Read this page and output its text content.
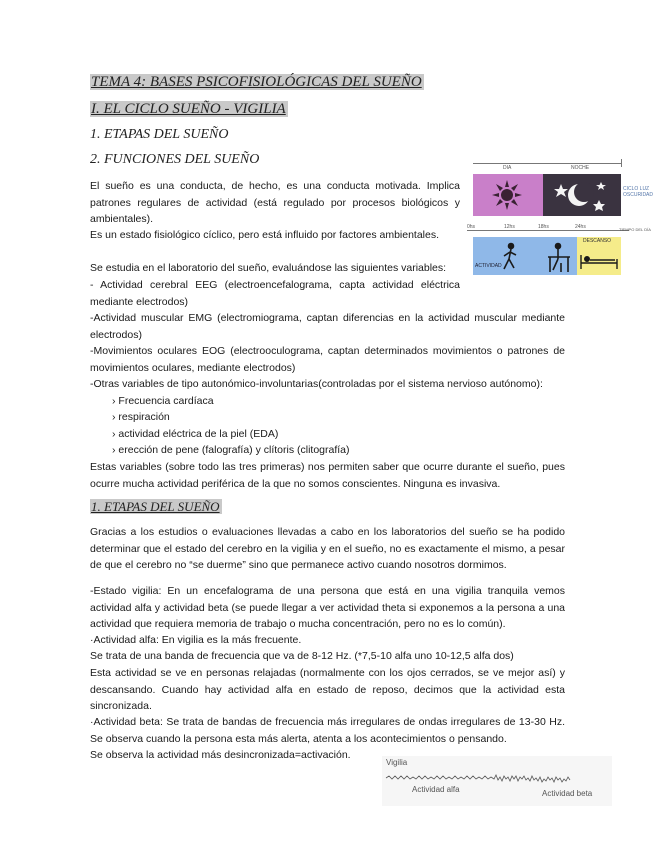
TEMA 4: BASES PSICOFISIOLÓGICAS DEL SUEÑO
I. EL CICLO SUEÑO - VIGILIA
1. ETAPAS DEL SUEÑO
2. FUNCIONES DEL SUEÑO
El sueño es una conducta, de hecho, es una conducta motivada. Implica patrones regulares de actividad (está regulado por procesos biológicos y ambientales).
Es un estado fisiológico cíclico, pero está influido por factores ambientales.
Se estudia en el laboratorio del sueño, evaluándose las siguientes variables:
- Actividad cerebral EEG (electroencefalograma, capta actividad eléctrica mediante electrodos)
-Actividad muscular EMG (electromiograma, captan diferencias en la actividad muscular mediante electrodos)
-Movimientos oculares EOG (electrooculograma, captan determinados movimientos o patrones de movimientos oculares, mediante electrodos)
-Otras variables de tipo autonómico-involuntarias(controladas por el sistema nervioso autónomo):
› Frecuencia cardíaca
› respiración
› actividad eléctrica de la piel (EDA)
› erección de pene (falografía) y clítoris (clitografía)
Estas variables (sobre todo las tres primeras) nos permiten saber que ocurre durante el sueño, pues ocurre mucha actividad periférica de la que no somos conscientes. Ninguna es invasiva.
1. ETAPAS DEL SUEÑO
Gracias a los estudios o evaluaciones llevadas a cabo en los laboratorios del sueño se ha podido determinar que el estado del cerebro en la vigilia y en el sueño, no es exactamente el mismo, a pesar de que el cerebro no “se duerme” sino que permanece activo cuando nosotros dormimos.
-Estado vigilia: En un encefalograma de una persona que está en una vigilia tranquila vemos actividad alfa y actividad beta (se puede llegar a ver actividad theta si exponemos a la persona a una actividad que requiera memoria de trabajo o mucha concentración, pero no es lo común).
·Actividad alfa: En vigilia es la más frecuente.
Se trata de una banda de frecuencia que va de 8-12 Hz. (*7,5-10 alfa uno 10-12,5 alfa dos)
Esta actividad se ve en personas relajadas (normalmente con los ojos cerrados, se ve mejor así) y descansando. Cuando hay actividad alfa en estado de reposo, decimos que la actividad esta sincronizada.
·Actividad beta: Se trata de bandas de frecuencia más irregulares de ondas irregulares de 13-30 Hz. Se observa cuando la persona esta más alerta, atenta a los acontecimientos o pensando.
Se observa la actividad más desincronizada=activación.
DIA	NOCHE
CICLO LUZ OSCURIDAD
0hs	12hs	18hs	24hs	TIEMPO DEL DÍA
ACTIVIDAD
DESCANSO
Vigilia
Actividad alfa	Actividad beta
